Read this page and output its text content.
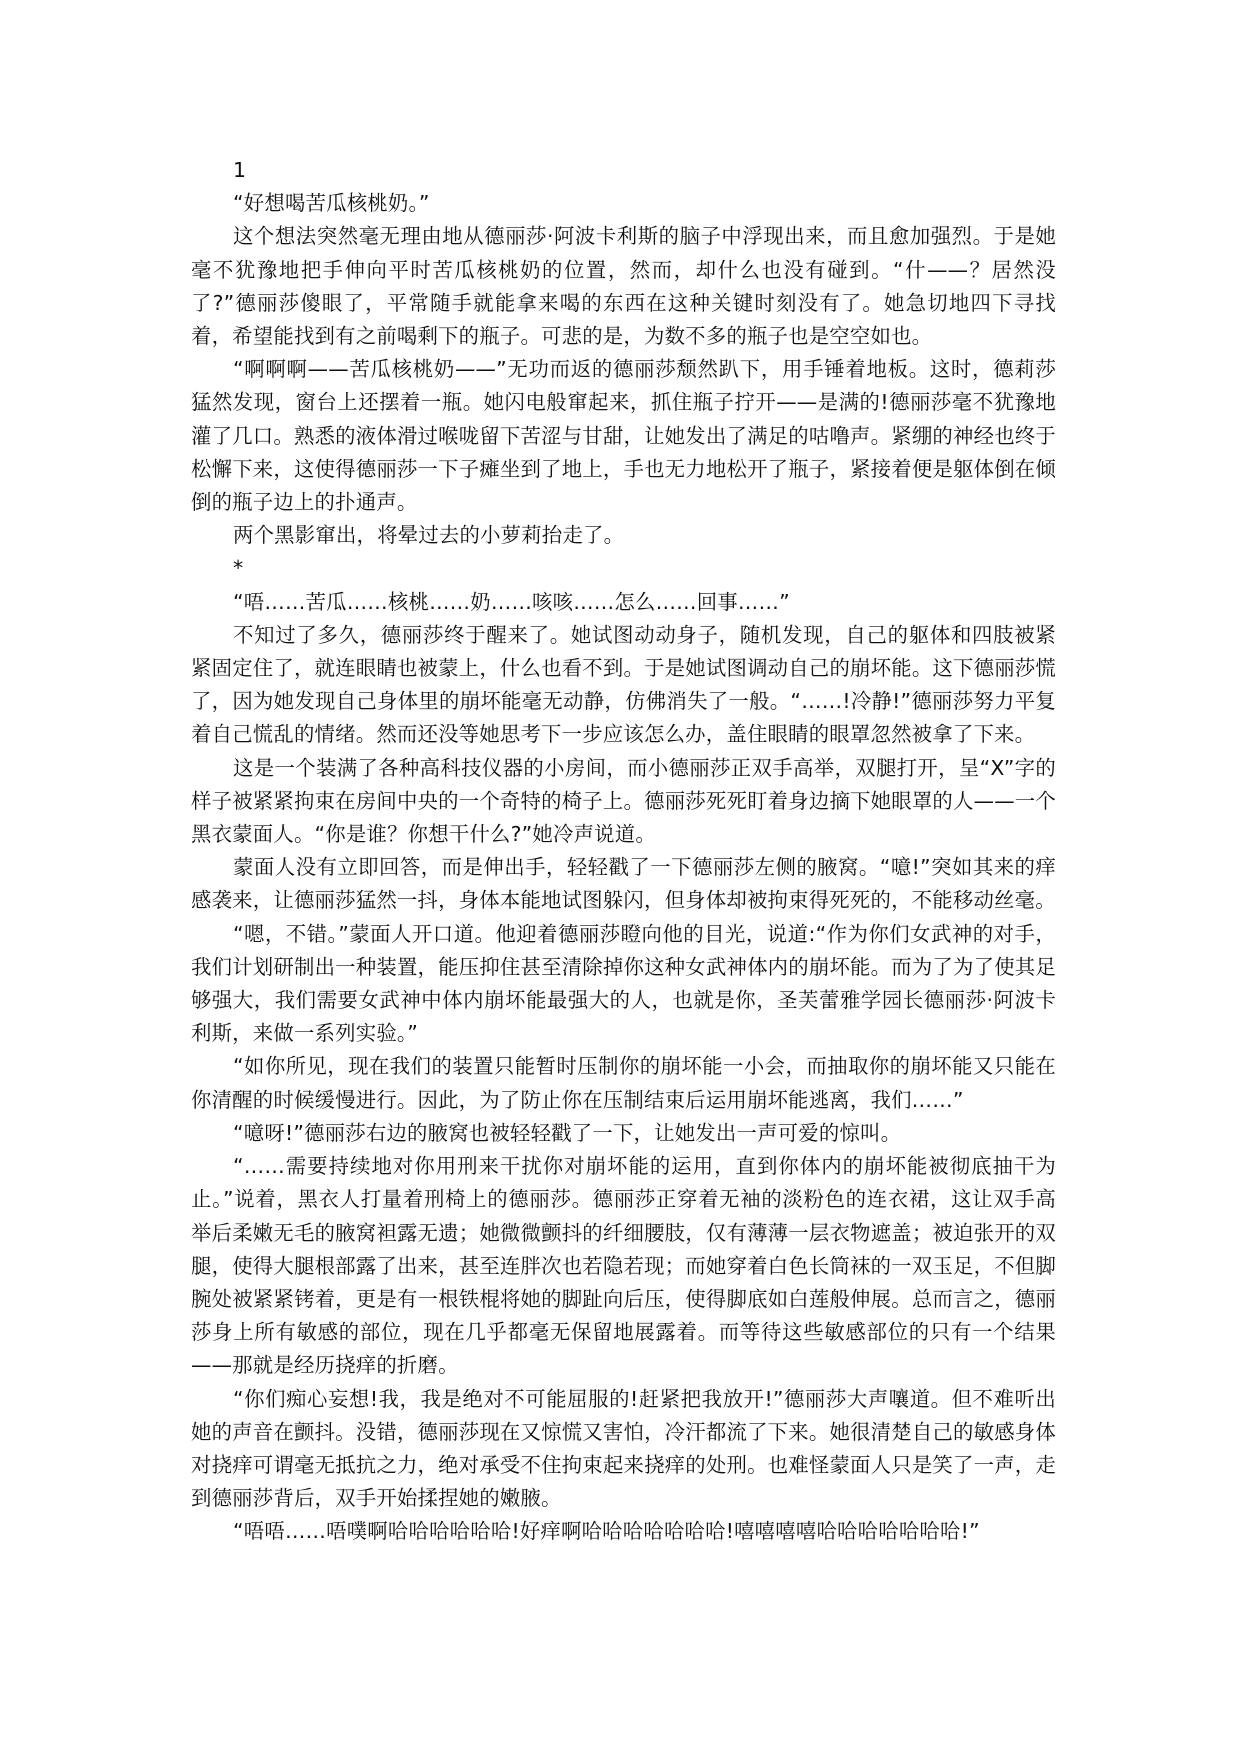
1

“好想喝苦瓜核桃奶。”

这个想法突然毫无理由地从德丽莎·阿波卡利斯的脑子中浮现出来，而且愈加强烈。于是她毫不犹豫地把手伸向平时苦瓜核桃奶的位置，然而，却什么也没有碰到。“什——？居然没了?”德丽莎傻眼了，平常随手就能拿来喝的东西在这种关键时刻没有了。她急切地四下寻找着，希望能找到有之前喝剩下的瓶子。可悲的是，为数不多的瓶子也是空空如也。

“啊啊啊——苦瓜核桃奶——”无功而返的德丽莎颓然趴下，用手锤着地板。这时，德莉莎猛然发现，窗台上还摆着一瓶。她闪电般窜起来，抓住瓶子拧开——是满的!德丽莎毫不犹豫地灌了几口。熟悉的液体滑过喉咙留下苦涩与甘甜，让她发出了满足的咕噜声。紧绷的神经也终于松懈下来，这使得德丽莎一下子瘫坐到了地上，手也无力地松开了瓶子，紧接着便是躯体倒在倾倒的瓶子边上的扑通声。

两个黑影窜出，将晕过去的小萝莉抬走了。

*

“唔……苦瓜……核桃……奶……咳咳……怎么……回事……”

不知过了多久，德丽莎终于醒来了。她试图动动身子，随机发现，自己的躯体和四肢被紧紧固定住了，就连眼睛也被蒙上，什么也看不到。于是她试图调动自己的崩坏能。这下德丽莎慌了，因为她发现自己身体里的崩坏能毫无动静，仿佛消失了一般。“……!冷静!”德丽莎努力平复着自己慌乱的情绪。然而还没等她思考下一步应该怎么办，盖住眼睛的眼罩忽然被拿了下来。

这是一个装满了各种高科技仪器的小房间，而小德丽莎正双手高举，双腿打开，呈“X”字的样子被紧紧拘束在房间中央的一个奇特的椅子上。德丽莎死死盯着身边摘下她眼罩的人——一个黑衣蒙面人。“你是谁？你想干什么?”她冷声说道。

蒙面人没有立即回答，而是伸出手，轻轻戳了一下德丽莎左侧的腋窝。“噫!”突如其来的痒感袭来，让德丽莎猛然一抖，身体本能地试图躲闪，但身体却被拘束得死死的，不能移动丝毫。

“嗯，不错。”蒙面人开口道。他迎着德丽莎瞪向他的目光，说道:“作为你们女武神的对手，我们计划研制出一种装置，能压抑住甚至清除掉你这种女武神体内的崩坏能。而为了为了使其足够强大，我们需要女武神中体内崩坏能最强大的人，也就是你，圣芙蕾雅学园长德丽莎·阿波卡利斯，来做一系列实验。”

“如你所见，现在我们的装置只能暂时压制你的崩坏能一小会，而抽取你的崩坏能又只能在你清醒的时候缓慢进行。因此，为了防止你在压制结束后运用崩坏能逃离，我们……”

“噫呀!”德丽莎右边的腋窝也被轻轻戳了一下，让她发出一声可爱的惊叫。

“……需要持续地对你用刑来干扰你对崩坏能的运用，直到你体内的崩坏能被彻底抽干为止。”说着，黑衣人打量着刑椅上的德丽莎。德丽莎正穿着无袖的淡粉色的连衣裙，这让双手高举后柔嫩无毛的腋窝袒露无遗；她微微颤抖的纤细腰肢，仅有薄薄一层衣物遮盖；被迫张开的双腿，使得大腿根部露了出来，甚至连胖次也若隐若现；而她穿着白色长筒袜的一双玉足，不但脚腕处被紧紧铐着，更是有一根铁棍将她的脚趾向后压，使得脚底如白莲般伸展。总而言之，德丽莎身上所有敏感的部位，现在几乎都毫无保留地展露着。而等待这些敏感部位的只有一个结果——那就是经历挠痒的折磨。

“你们痴心妄想!我，我是绝对不可能屈服的!赶紧把我放开!”德丽莎大声嚷道。但不难听出她的声音在颤抖。没错，德丽莎现在又惊慌又害怕，冷汗都流了下来。她很清楚自己的敏感身体对挠痒可谓毫无抵抗之力，绝对承受不住拘束起来挠痒的处刑。也难怪蒙面人只是笑了一声，走到德丽莎背后，双手开始揉捏她的嫩腋。

“唔唔……唔噗啊哈哈哈哈哈哈!好痒啊哈哈哈哈哈哈哈!嘻嘻嘻嘻哈哈哈哈哈哈哈!”
